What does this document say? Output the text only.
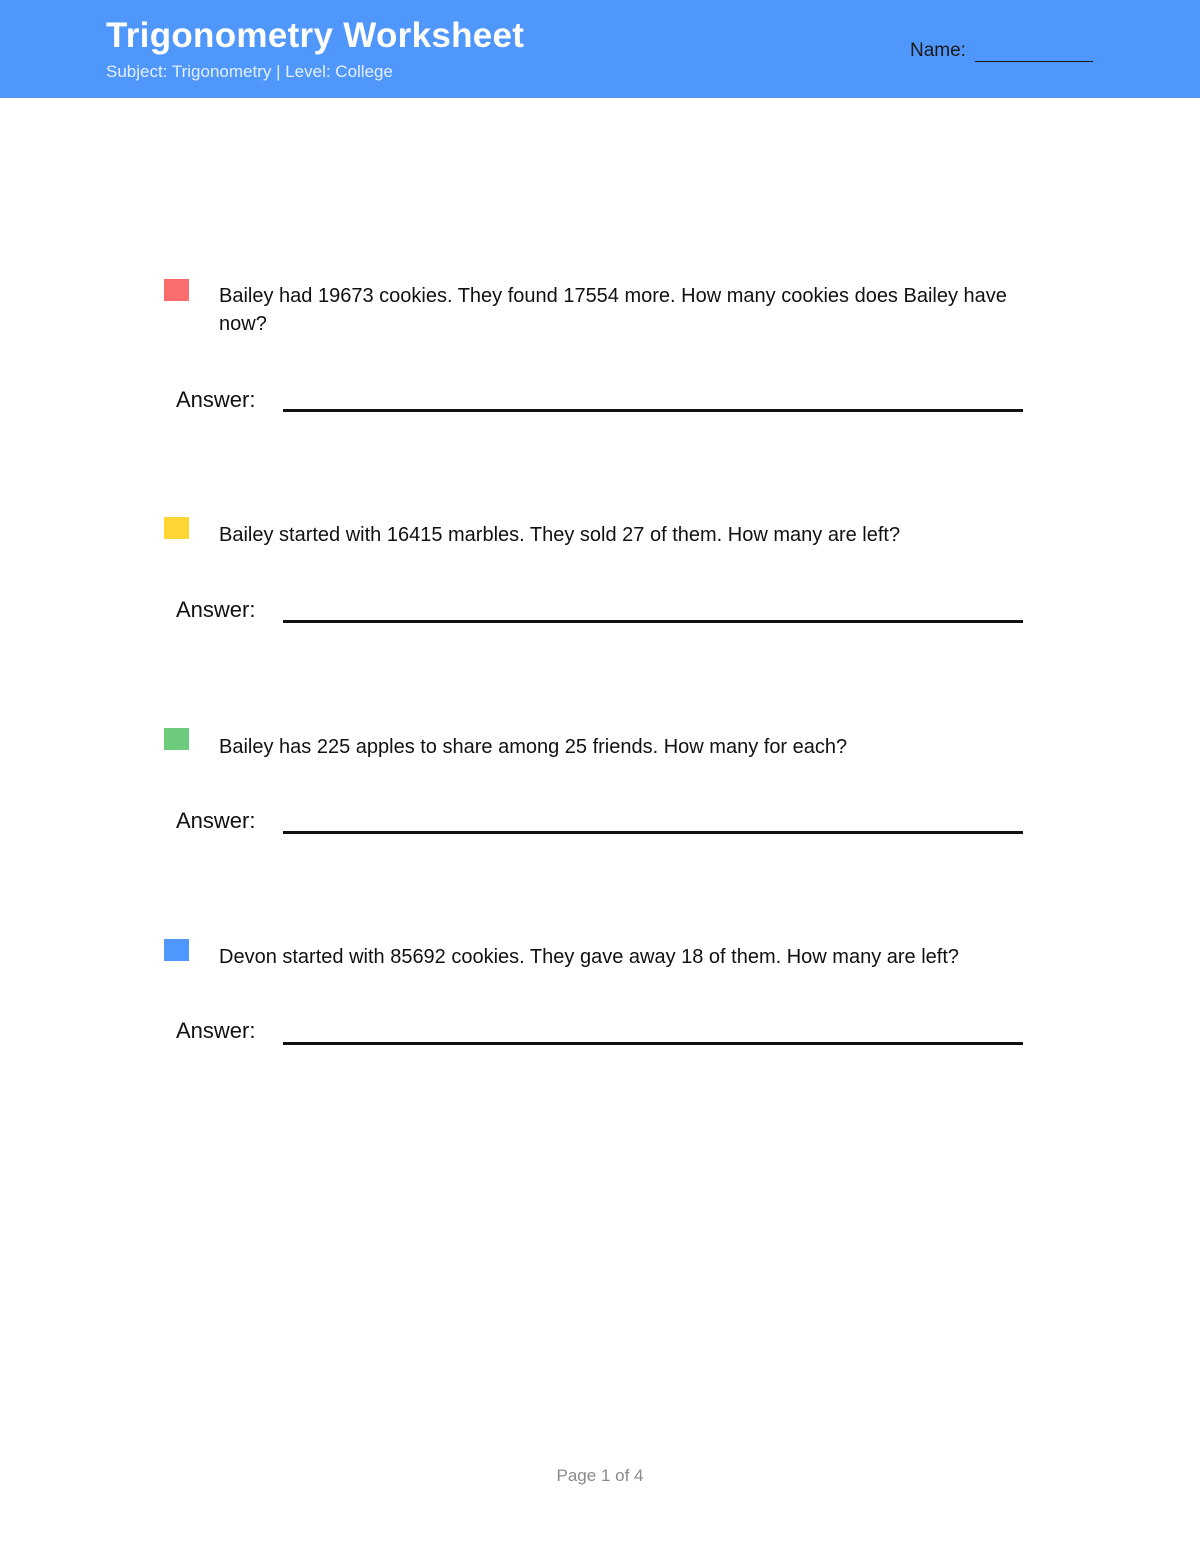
Trigonometry Worksheet
Subject: Trigonometry | Level: College
Name:
Bailey had 19673 cookies. They found 17554 more. How many cookies does Bailey have now?
Answer:
Bailey started with 16415 marbles. They sold 27 of them. How many are left?
Answer:
Bailey has 225 apples to share among 25 friends. How many for each?
Answer:
Devon started with 85692 cookies. They gave away 18 of them. How many are left?
Answer:
Page 1 of 4
